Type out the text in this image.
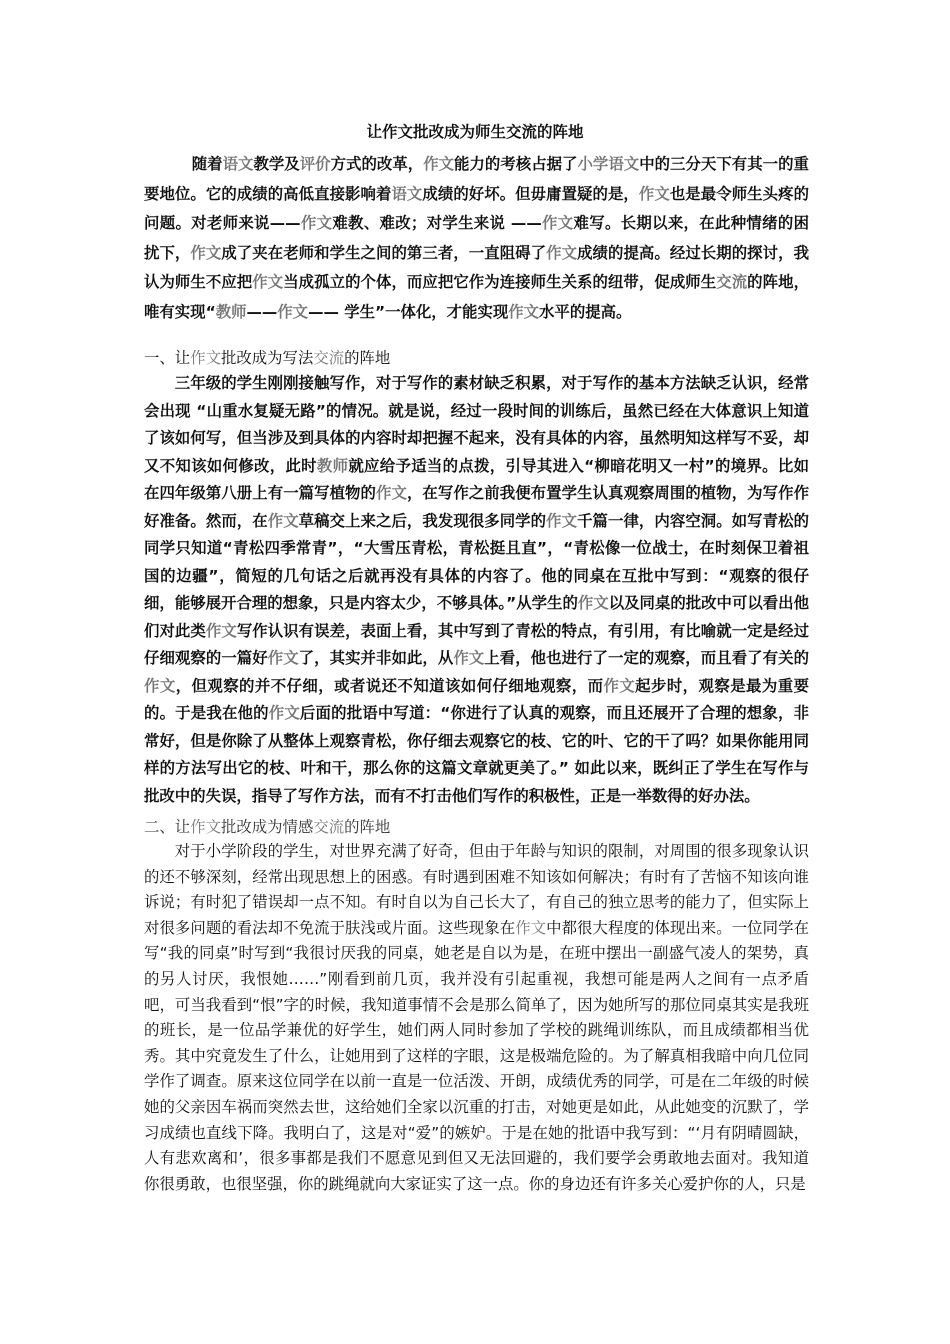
让作文批改成为师生交流的阵地

随着语文教学及评价方式的改革，作文能力的考核占据了小学语文中的三分天下有其一的重要地位。它的成绩的高低直接影响着语文成绩的好坏。但毋庸置疑的是，作文也是最令师生头疼的问题。对老师来说——作文难教、难改；对学生来说 ——作文难写。长期以来，在此种情绪的困扰下，作文成了夹在老师和学生之间的第三者，一直阻碍了作文成绩的提高。经过长期的探讨，我认为师生不应把作文当成孤立的个体，而应把它作为连接师生关系的纽带，促成师生交流的阵地，唯有实现“教师——作文—— 学生”一体化，才能实现作文水平的提高。

一、让作文批改成为写法交流的阵地

三年级的学生刚刚接触写作，对于写作的素材缺乏积累，对于写作的基本方法缺乏认识，经常会出现 “山重水复疑无路”的情况。就是说，经过一段时间的训练后，虽然已经在大体意识上知道了该如何写，但当涉及到具体的内容时却把握不起来，没有具体的内容，虽然明知这样写不妥，却又不知该如何修改，此时教师就应给予适当的点拨，引导其进入“柳暗花明又一村”的境界。比如在四年级第八册上有一篇写植物的作文，在写作之前我便布置学生认真观察周围的植物，为写作作好准备。然而，在作文草稿交上来之后，我发现很多同学的作文千篇一律，内容空洞。如写青松的同学只知道“青松四季常青”，“大雪压青松，青松挺且直”，“青松像一位战士，在时刻保卫着祖国的边疆”，简短的几句话之后就再没有具体的内容了。他的同桌在互批中写到：“观察的很仔细，能够展开合理的想象，只是内容太少，不够具体。”从学生的作文以及同桌的批改中可以看出他们对此类作文写作认识有误差，表面上看，其中写到了青松的特点，有引用，有比喻就一定是经过仔细观察的一篇好作文了，其实并非如此，从作文上看，他也进行了一定的观察，而且看了有关的作文，但观察的并不仔细，或者说还不知道该如何仔细地观察，而作文起步时，观察是最为重要的。于是我在他的作文后面的批语中写道：“你进行了认真的观察，而且还展开了合理的想象，非常好，但是你除了从整体上观察青松，你仔细去观察它的枝、它的叶、它的干了吗？如果你能用同样的方法写出它的枝、叶和干，那么你的这篇文章就更美了。” 如此以来，既纠正了学生在写作与批改中的失误，指导了写作方法，而有不打击他们写作的积极性，正是一举数得的好办法。

二、让作文批改成为情感交流的阵地

对于小学阶段的学生，对世界充满了好奇，但由于年龄与知识的限制，对周围的很多现象认识的还不够深刻，经常出现思想上的困惑。有时遇到困难不知该如何解决；有时有了苦恼不知该向谁诉说；有时犯了错误却一点不知。有时自以为自己长大了，有自己的独立思考的能力了，但实际上对很多问题的看法却不免流于肤浅或片面。这些现象在作文中都很大程度的体现出来。一位同学在写“我的同桌”时写到“我很讨厌我的同桌，她老是自以为是，在班中摆出一副盛气凌人的架势，真的另人讨厌，我恨她……”刚看到前几页，我并没有引起重视，我想可能是两人之间有一点矛盾吧，可当我看到“恨”字的时候，我知道事情不会是那么简单了，因为她所写的那位同桌其实是我班的班长，是一位品学兼优的好学生，她们两人同时参加了学校的跳绳训练队，而且成绩都相当优秀。其中究竟发生了什么，让她用到了这样的字眼，这是极端危险的。为了解真相我暗中向几位同学作了调查。原来这位同学在以前一直是一位活泼、开朗，成绩优秀的同学，可是在二年级的时候她的父亲因车祸而突然去世，这给她们全家以沉重的打击，对她更是如此，从此她变的沉默了，学习成绩也直线下降。我明白了，这是对“爱”的嫉妒。于是在她的批语中我写到：“‘月有阴晴圆缺，人有悲欢离和’，很多事都是我们不愿意见到但又无法回避的，我们要学会勇敢地去面对。我知道你很勇敢，也很坚强，你的跳绳就向大家证实了这一点。你的身边还有许多关心爱护你的人，只是
